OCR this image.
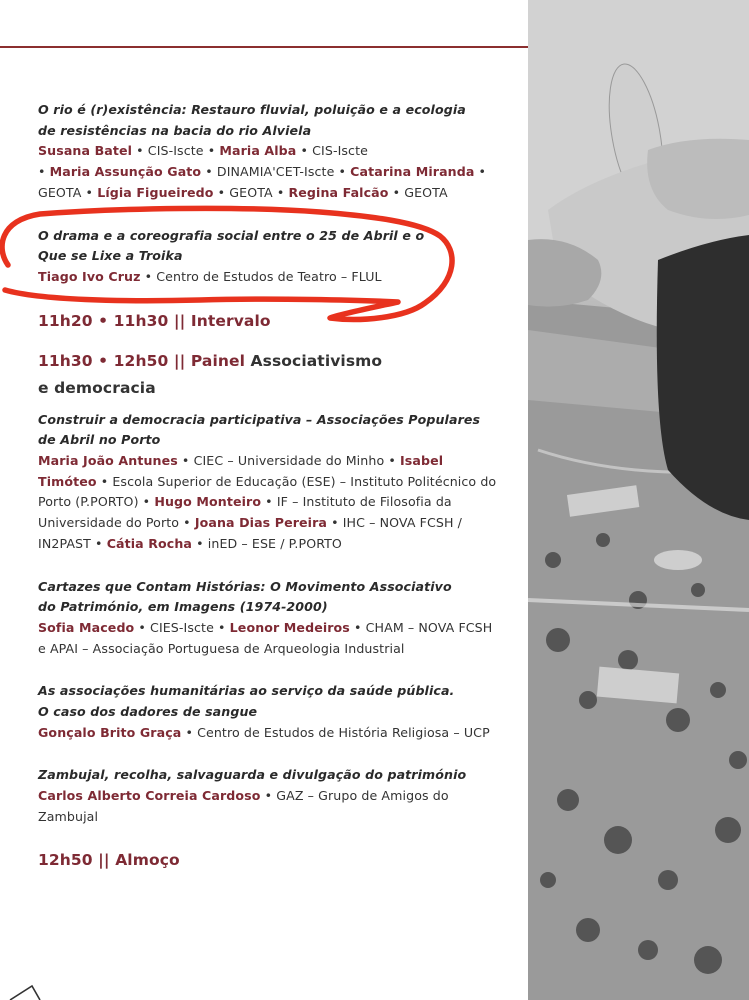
O rio é (r)existência: Restauro fluvial, poluição e a ecologia
de resistências na bacia do rio Alviela
Susana Batel • CIS-Iscte • Maria Alba • CIS-Iscte
• Maria Assunção Gato • DINAMIA'CET-Iscte • Catarina Miranda • GEOTA • Lígia Figueiredo • GEOTA • Regina Falcão • GEOTA
O drama e a coreografia social entre o 25 de Abril e o
Que se Lixe a Troika
Tiago Ivo Cruz • Centro de Estudos de Teatro – FLUL
11h20 • 11h30 || Intervalo
11h30 • 12h50 || Painel Associativismo
e democracia
Construir a democracia participativa – Associações Populares
de Abril no Porto
Maria João Antunes • CIEC – Universidade do Minho • Isabel Timóteo • Escola Superior de Educação (ESE) – Instituto Politécnico do Porto (P.PORTO) • Hugo Monteiro • IF – Instituto de Filosofia da Universidade do Porto • Joana Dias Pereira • IHC – NOVA FCSH / IN2PAST • Cátia Rocha • inED – ESE / P.PORTO
Cartazes que Contam Histórias: O Movimento Associativo
do Património, em Imagens (1974-2000)
Sofia Macedo • CIES-Iscte • Leonor Medeiros • CHAM – NOVA FCSH e APAI – Associação Portuguesa de Arqueologia Industrial
As associações humanitárias ao serviço da saúde pública.
O caso dos dadores de sangue
Gonçalo Brito Graça • Centro de Estudos de História Religiosa – UCP
Zambujal, recolha, salvaguarda e divulgação do património
Carlos Alberto Correia Cardoso • GAZ – Grupo de Amigos do Zambujal
12h50 || Almoço
